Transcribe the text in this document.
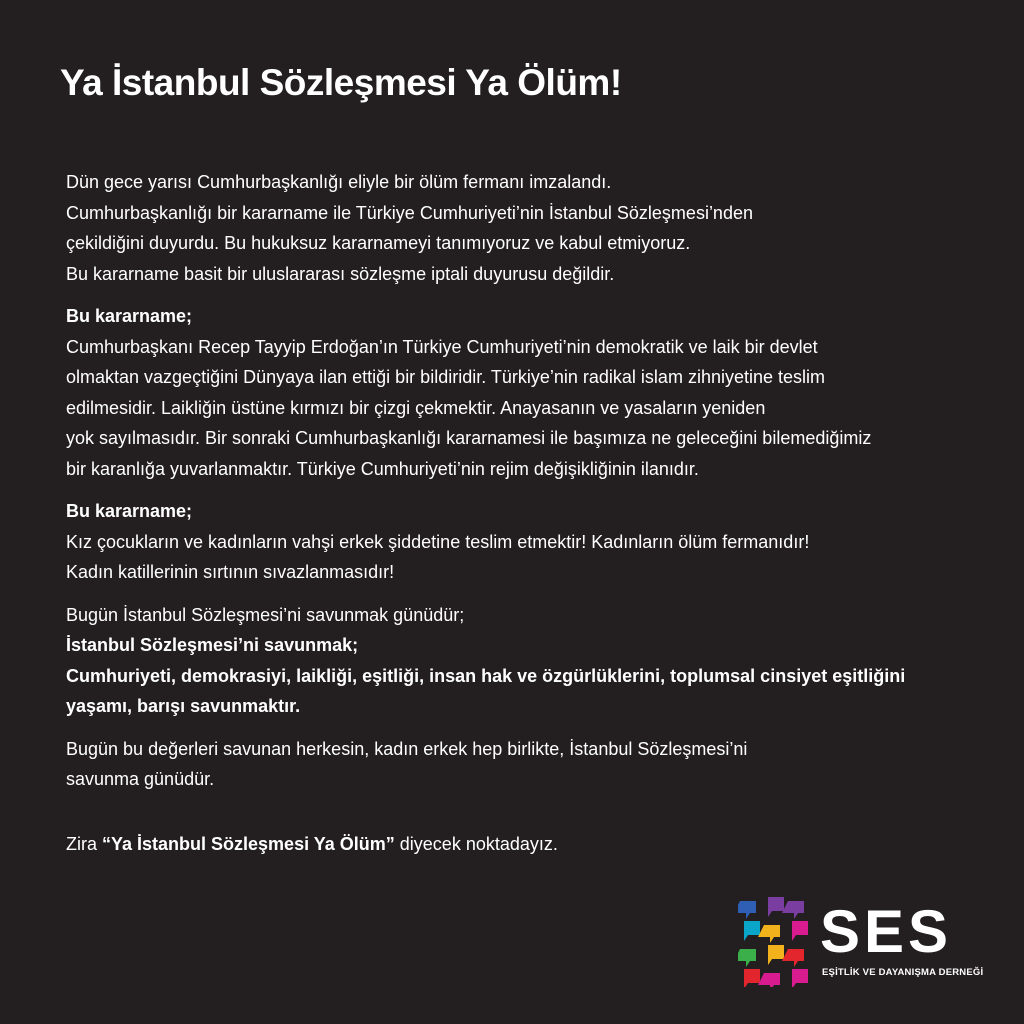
Ya İstanbul Sözleşmesi Ya Ölüm!

Dün gece yarısı Cumhurbaşkanlığı eliyle bir ölüm fermanı imzalandı.
Cumhurbaşkanlığı bir kararname ile Türkiye Cumhuriyeti’nin İstanbul Sözleşmesi’nden
çekildiğini duyurdu. Bu hukuksuz kararnameyi tanımıyoruz ve kabul etmiyoruz.
Bu kararname basit bir uluslararası sözleşme iptali duyurusu değildir.

Bu kararname;
Cumhurbaşkanı Recep Tayyip Erdoğan’ın Türkiye Cumhuriyeti’nin demokratik ve laik bir devlet
olmaktan vazgeçtiğini Dünyaya ilan ettiği bir bildiridir. Türkiye’nin radikal islam zihniyetine teslim
edilmesidir. Laikliğin üstüne kırmızı bir çizgi çekmektir. Anayasanın ve yasaların yeniden
yok sayılmasıdır. Bir sonraki Cumhurbaşkanlığı kararnamesi ile başımıza ne geleceğini bilemediğimiz
bir karanlığa yuvarlanmaktır. Türkiye Cumhuriyeti’nin rejim değişikliğinin ilanıdır.

Bu kararname;
Kız çocukların ve kadınların vahşi erkek şiddetine teslim etmektir! Kadınların ölüm fermanıdır!
Kadın katillerinin sırtının sıvazlanmasıdır!

Bugün İstanbul Sözleşmesi’ni savunmak günüdür;
İstanbul Sözleşmesi’ni savunmak;
Cumhuriyeti, demokrasiyi, laikliği, eşitliği, insan hak ve özgürlüklerini, toplumsal cinsiyet eşitliğini
yaşamı, barışı savunmaktır.

Bugün bu değerleri savunan herkesin, kadın erkek hep birlikte, İstanbul Sözleşmesi’ni
savunma günüdür.

Zira “Ya İstanbul Sözleşmesi Ya Ölüm” diyecek noktadayız.

SES
EŞİTLİK VE DAYANIŞMA DERNEĞİ
